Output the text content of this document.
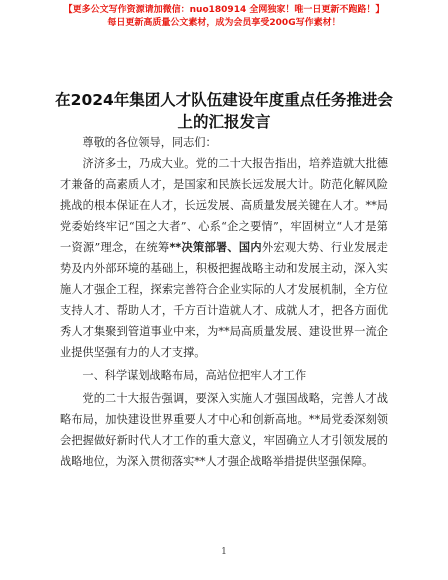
【更多公文写作资源请加微信：nuo180914 全网独家！唯一日更新不跑路！】
每日更新高质量公文素材，成为会员享受200G写作素材！
在2024年集团人才队伍建设年度重点任务推进会上的汇报发言

尊敬的各位领导，同志们：

济济多士，乃成大业。党的二十大报告指出，培养造就大批德才兼备的高素质人才，是国家和民族长远发展大计。防范化解风险挑战的根本保证在人才，长远发展、高质量发展关键在人才。**局党委始终牢记“国之大者”、心系“企之要情”，牢固树立“人才是第一资源”理念，在统筹**决策部署、国内外宏观大势、行业发展走势及内外部环境的基础上，积极把握战略主动和发展主动，深入实施人才强企工程，探索完善符合企业实际的人才发展机制，全方位支持人才、帮助人才，千方百计造就人才、成就人才，把各方面优秀人才集聚到管道事业中来，为**局高质量发展、建设世界一流企业提供坚强有力的人才支撑。

一、科学谋划战略布局，高站位把牢人才工作

党的二十大报告强调，要深入实施人才强国战略，完善人才战略布局，加快建设世界重要人才中心和创新高地。**局党委深刻领会把握做好新时代人才工作的重大意义，牢固确立人才引领发展的战略地位，为深入贯彻落实**人才强企战略举措提供坚强保障。

1
